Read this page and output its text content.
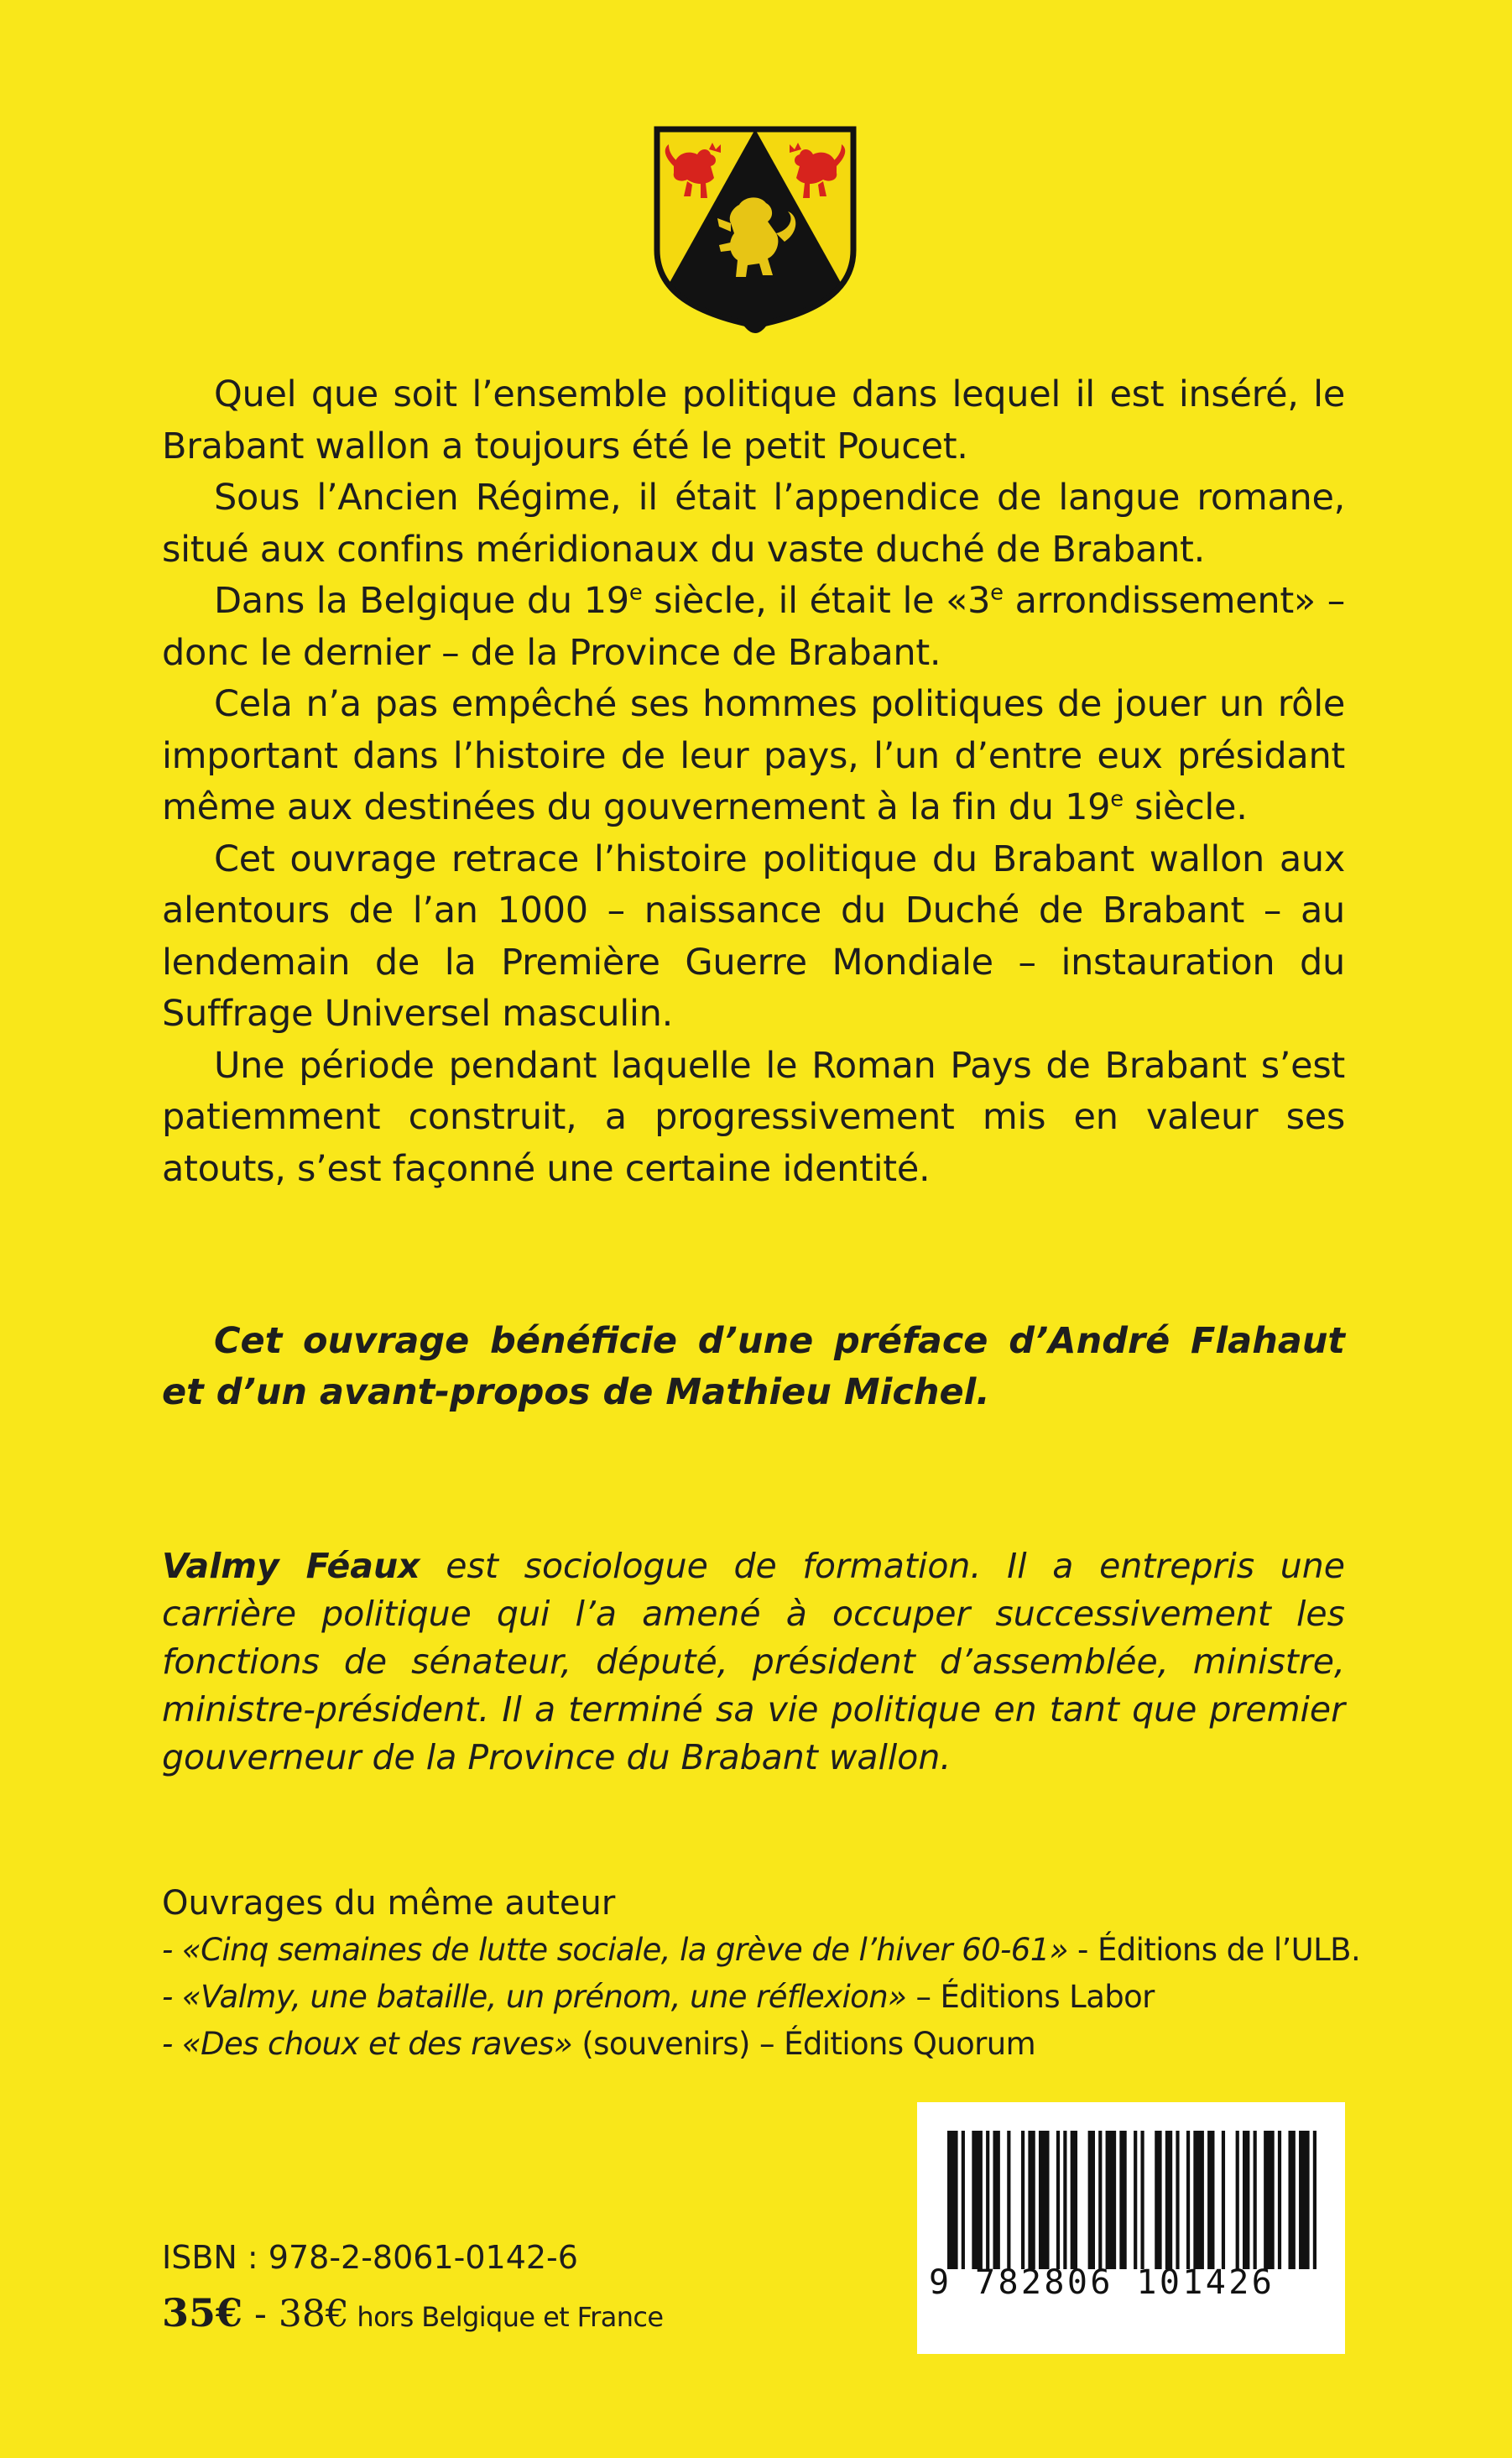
Quel que soit l’ensemble politique dans lequel il est inséré, le Brabant wallon a toujours été le petit Poucet.

Sous l’Ancien Régime, il était l’appendice de langue romane, situé aux confins méridionaux du vaste duché de Brabant.

Dans la Belgique du 19e siècle, il était le «3e arrondissement» – donc le dernier – de la Province de Brabant.

Cela n’a pas empêché ses hommes politiques de jouer un rôle important dans l’histoire de leur pays, l’un d’entre eux présidant même aux destinées du gouvernement à la fin du 19e siècle.

Cet ouvrage retrace l’histoire politique du Brabant wallon aux alentours de l’an 1000 – naissance du Duché de Brabant – au lendemain de la Première Guerre Mondiale – instauration du Suffrage Universel masculin.

Une période pendant laquelle le Roman Pays de Brabant s’est patiemment construit, a progressivement mis en valeur ses atouts, s’est façonné une certaine identité.

Cet ouvrage bénéficie d’une préface d’André Flahaut et d’un avant-propos de Mathieu Michel.

Valmy Féaux est sociologue de formation. Il a entrepris une carrière politique qui l’a amené à occuper successivement les fonctions de sénateur, député, président d’assemblée, ministre, ministre-président. Il a terminé sa vie politique en tant que premier gouverneur de la Province du Brabant wallon.

Ouvrages du même auteur

- «Cinq semaines de lutte sociale, la grève de l’hiver 60-61» - Éditions de l’ULB.
- «Valmy, une bataille, un prénom, une réflexion» – Éditions Labor
- «Des choux et des raves» (souvenirs) – Éditions Quorum

ISBN : 978-2-8061-0142-6

35€ - 38€ hors Belgique et France

9 782806 101426
